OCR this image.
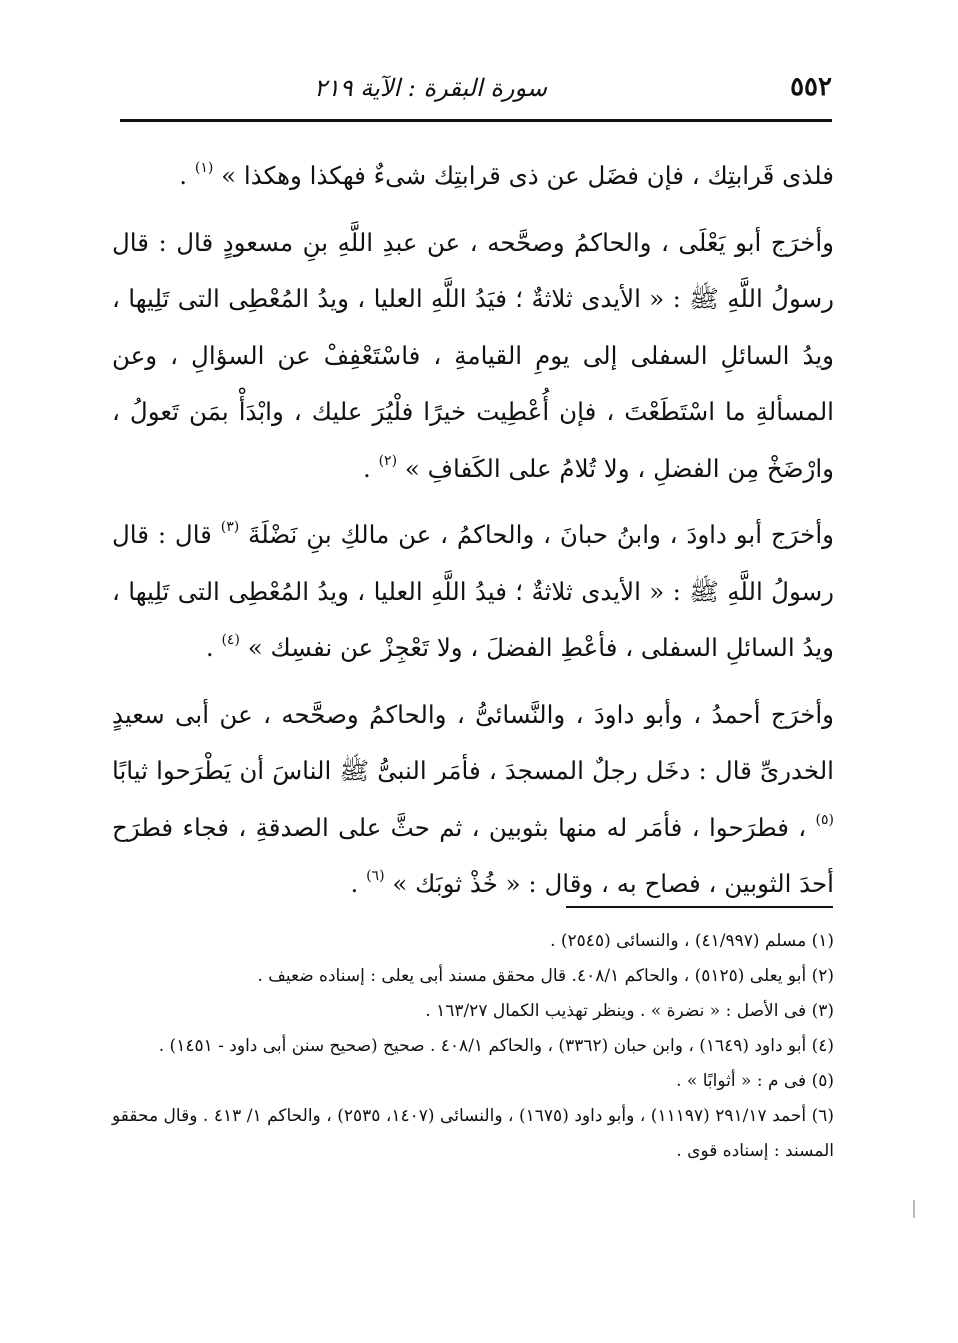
٥٥٢
سورة البقرة : الآية ٢١٩

فلذى قَرابتِك ، فإن فضَل عن ذى قرابتِك شىءٌ فهكذا وهكذا » $^{(١)}$ .

وأخرَج أبو يَعْلَى ، والحاكمُ وصحَّحه ، عن عبدِ اللَّهِ بنِ مسعودٍ قال : قال رسولُ اللَّهِ ﷺ : « الأيدى ثلاثةٌ ؛ فيَدُ اللَّهِ العليا ، ويدُ المُعْطِى التى تَلِيها ، ويدُ السائلِ السفلى إلى يومِ القيامةِ ، فاسْتَعْفِفْ عن السؤالِ ، وعن المسألةِ ما اسْتَطَعْتَ ، فإن أُعْطِيت خيرًا فلْيُرَ عليك ، وابْدَأْ بمَن تَعولُ ، وارْضَخْ مِن الفضلِ ، ولا تُلامُ على الكَفافِ » $^{(٢)}$ .

وأخرَج أبو داودَ ، وابنُ حبانَ ، والحاكمُ ، عن مالكِ بنِ نَضْلَةَ $^{(٣)}$ قال : قال رسولُ اللَّهِ ﷺ : « الأيدى ثلاثةٌ ؛ فيدُ اللَّهِ العليا ، ويدُ المُعْطِى التى تَلِيها ، ويدُ السائلِ السفلى ، فأعْطِ الفضلَ ، ولا تَعْجِزْ عن نفسِك » $^{(٤)}$ .

وأخرَج أحمدُ ، وأبو داودَ ، والنَّسائىُّ ، والحاكمُ وصحَّحه ، عن أبى سعيدٍ الخدرىِّ قال : دخَل رجلٌ المسجدَ ، فأمَر النبىُّ ﷺ الناسَ أن يَطْرَحوا ثيابًا $^{(٥)}$ ، فطرَحوا ، فأمَر له منها بثوبين ، ثم حثَّ على الصدقةِ ، فجاء فطرَح أحدَ الثوبين ، فصاح به ، وقال : « خُذْ ثوبَك » $^{(٦)}$ .

(١) مسلم (٤١/٩٩٧) ، والنسائى (٢٥٤٥) .

(٢) أبو يعلى (٥١٢٥) ، والحاكم ٤٠٨/١. قال محقق مسند أبى يعلى : إسناده ضعيف .

(٣) فى الأصل : « نضرة » . وينظر تهذيب الكمال ١٦٣/٢٧ .

(٤) أبو داود (١٦٤٩) ، وابن حبان (٣٣٦٢) ، والحاكم ٤٠٨/١ . صحيح (صحيح سنن أبى داود - ١٤٥١) .

(٥) فى م : « أثوابًا » .

(٦) أحمد ٢٩١/١٧ (١١١٩٧) ، وأبو داود (١٦٧٥) ، والنسائى (١٤٠٧، ٢٥٣٥) ، والحاكم ١/ ٤١٣ . وقال محققو المسند : إسناده قوى .
